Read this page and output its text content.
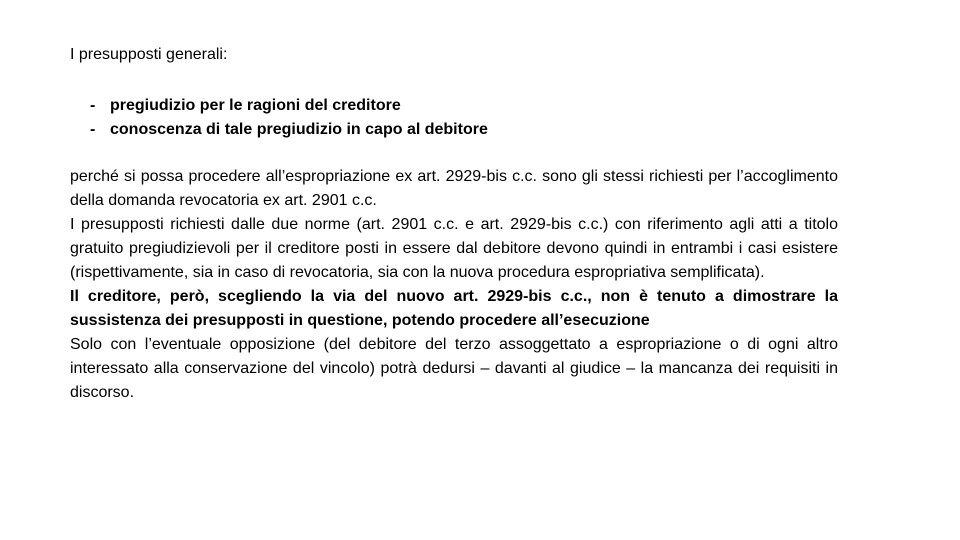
I presupposti generali:

- pregiudizio per le ragioni del creditore
- conoscenza di tale pregiudizio in capo al debitore

perché si possa procedere all’espropriazione ex art. 2929-bis c.c. sono gli stessi richiesti per l’accoglimento della domanda revocatoria ex art. 2901 c.c.

I presupposti richiesti dalle due norme (art. 2901 c.c. e art. 2929-bis c.c.) con riferimento agli atti a titolo gratuito pregiudizievoli per il creditore posti in essere dal debitore devono quindi in entrambi i casi esistere (rispettivamente, sia in caso di revocatoria, sia con la nuova procedura espropriativa semplificata).

Il creditore, però, scegliendo la via del nuovo art. 2929-bis c.c., non è tenuto a dimostrare la sussistenza dei presupposti in questione, potendo procedere all’esecuzione

Solo con l’eventuale opposizione (del debitore del terzo assoggettato a espropriazione o di ogni altro interessato alla conservazione del vincolo) potrà dedursi – davanti al giudice – la mancanza dei requisiti in discorso.
